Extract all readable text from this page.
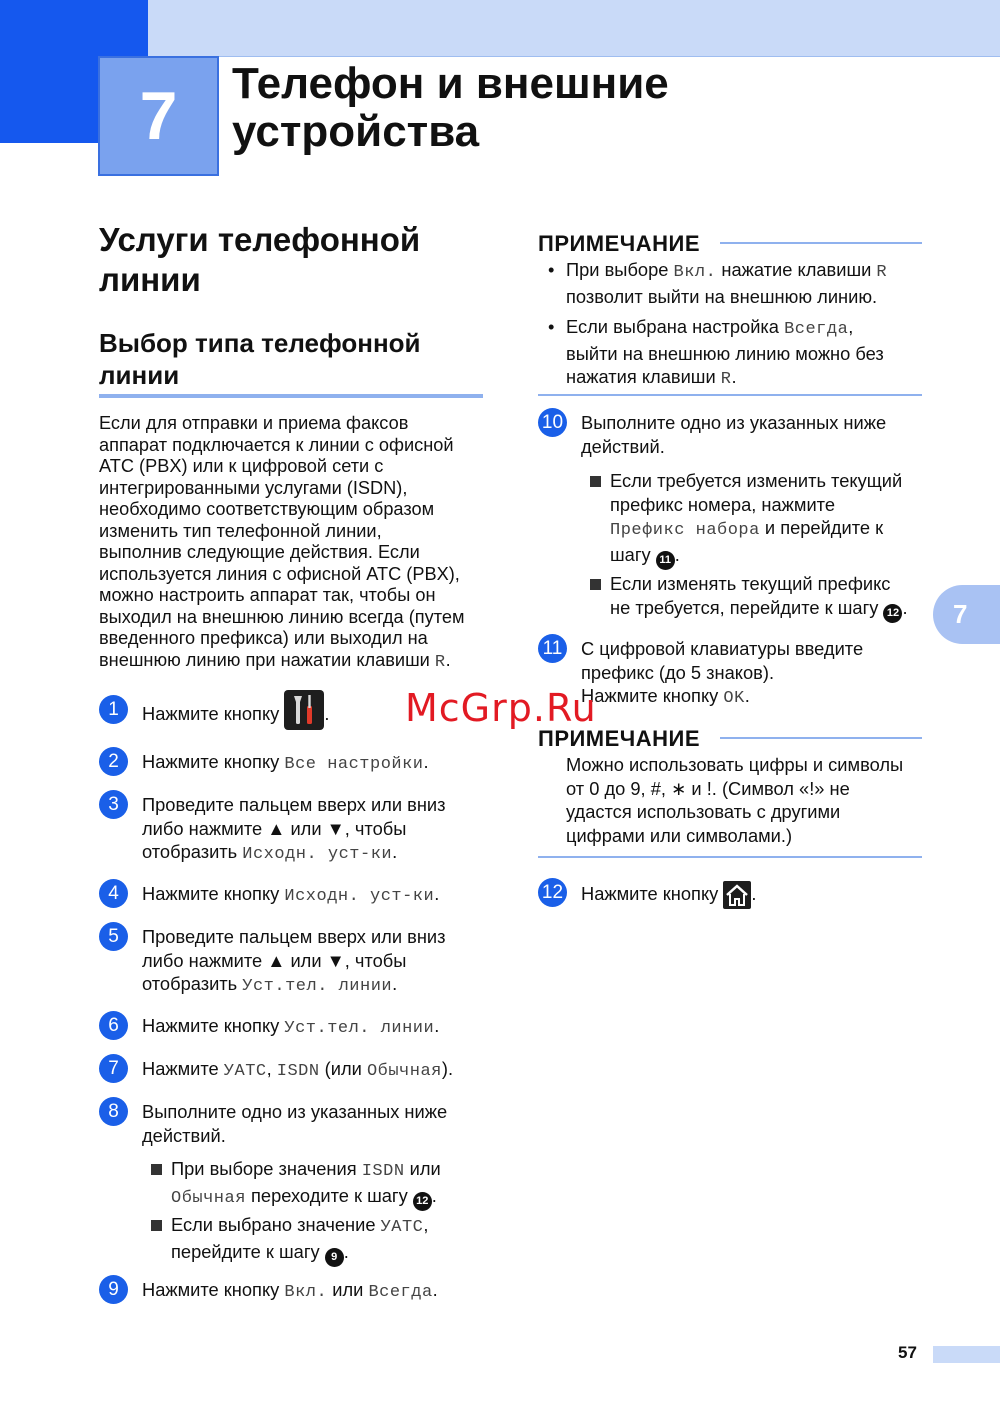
7	Телефон и внешние
устройства
Услуги телефонной
линии
Выбор типа телефонной
линии
Если для отправки и приема факсов
аппарат подключается к линии с офисной
АТС (PBX) или к цифровой сети с
интегрированными услугами (ISDN),
необходимо соответствующим образом
изменить тип телефонной линии,
выполнив следующие действия. Если
используется линия с офисной АТС (PBX),
можно настроить аппарат так, чтобы он
выходил на внешнюю линию всегда (путем
введенного префикса) или выходил на
внешнюю линию при нажатии клавиши R.
1	Нажмите кнопку .
2	Нажмите кнопку Все настройки.
3	Проведите пальцем вверх или вниз
либо нажмите ▲ или ▼, чтобы
отобразить Исходн. уст-ки.
4	Нажмите кнопку Исходн. уст-ки.
5	Проведите пальцем вверх или вниз
либо нажмите ▲ или ▼, чтобы
отобразить Уст.тел. линии.
6	Нажмите кнопку Уст.тел. линии.
7	Нажмите УАТС, ISDN (или Обычная).
8	Выполните одно из указанных ниже
действий.
При выборе значения ISDN или
Обычная переходите к шагу 12 .
Если выбрано значение УАТС,
перейдите к шагу 9 .
9	Нажмите кнопку Вкл. или Всегда.
ПРИМЕЧАНИЕ
• При выборе Вкл. нажатие клавиши R
позволит выйти на внешнюю линию.
• Если выбрана настройка Всегда,
выйти на внешнюю линию можно без
нажатия клавиши R.
10 Выполните одно из указанных ниже
действий.
Если требуется изменить текущий
префикс номера, нажмите
Префикс набора и перейдите к
шагу 11 .
Если изменять текущий префикс
не требуется, перейдите к шагу 12 .
11 С цифровой клавиатуры введите
префикс (до 5 знаков).
Нажмите кнопку OK.
ПРИМЕЧАНИЕ
Можно использовать цифры и символы
от 0 до 9, #, ∗ и !. (Символ «!» не
удастся использовать с другими
цифрами или символами.)
12 Нажмите кнопку .
7
McGrp.Ru
57
